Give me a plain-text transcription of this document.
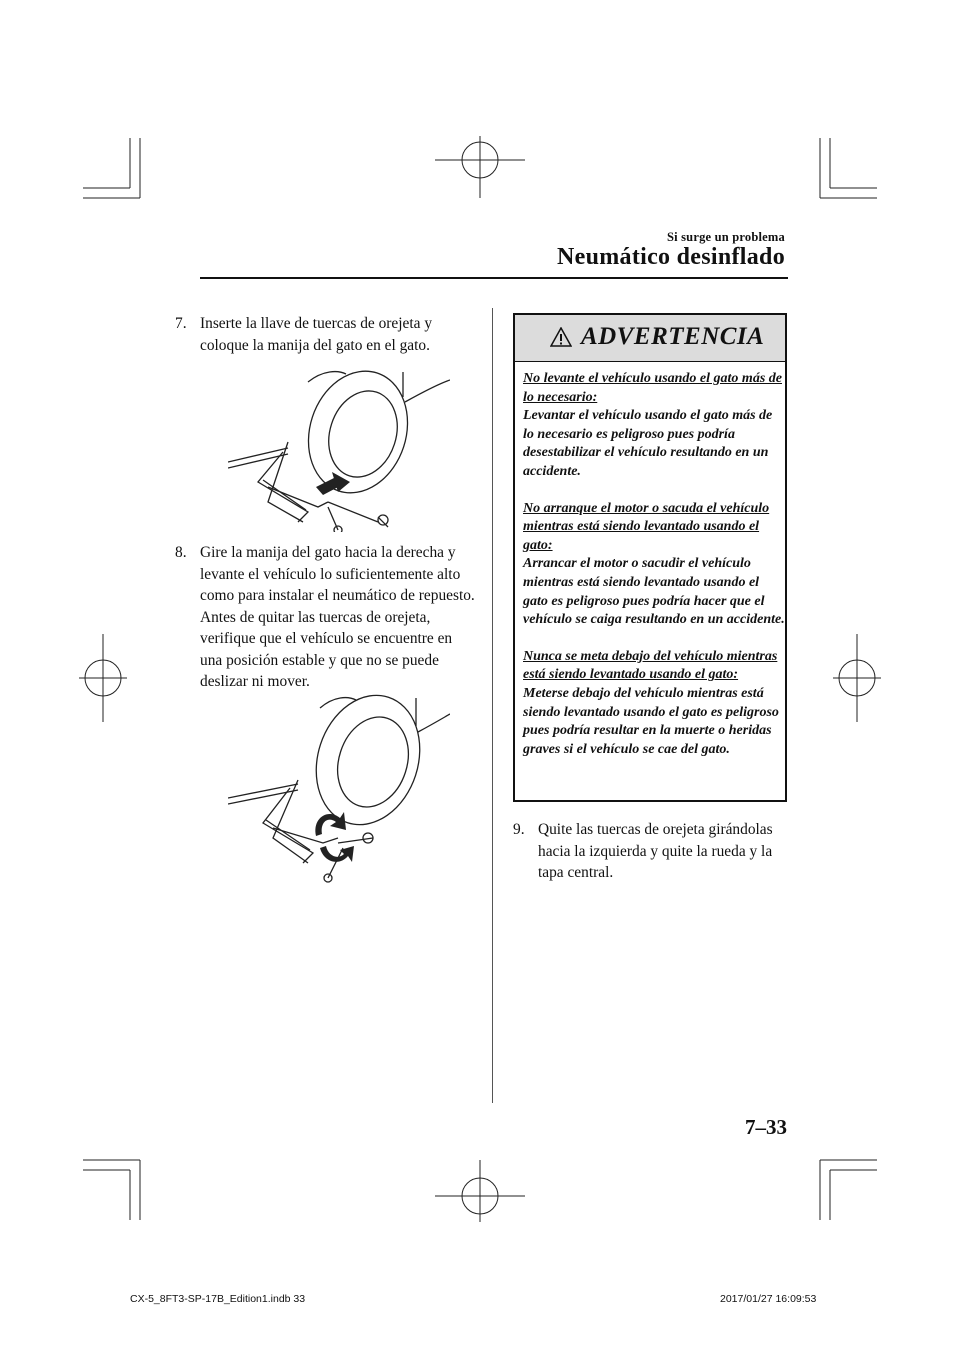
Si surge un problema
Neumático desinflado
7. Inserte la llave de tuercas de orejeta y coloque la manija del gato en el gato.
8. Gire la manija del gato hacia la derecha y levante el vehículo lo suficientemente alto como para instalar el neumático de repuesto. Antes de quitar las tuercas de orejeta, verifique que el vehículo se encuentre en una posición estable y que no se puede deslizar ni mover.
ADVERTENCIA
No levante el vehículo usando el gato más de lo necesario:
Levantar el vehículo usando el gato más de lo necesario es peligroso pues podría desestabilizar el vehículo resultando en un accidente.
No arranque el motor o sacuda el vehículo mientras está siendo levantado usando el gato:
Arrancar el motor o sacudir el vehículo mientras está siendo levantado usando el gato es peligroso pues podría hacer que el vehículo se caiga resultando en un accidente.
Nunca se meta debajo del vehículo mientras está siendo levantado usando el gato:
Meterse debajo del vehículo mientras está siendo levantado usando el gato es peligroso pues podría resultar en la muerte o heridas graves si el vehículo se cae del gato.
9. Quite las tuercas de orejeta girándolas hacia la izquierda y quite la rueda y la tapa central.
7–33
CX-5_8FT3-SP-17B_Edition1.indb 33	2017/01/27 16:09:53
